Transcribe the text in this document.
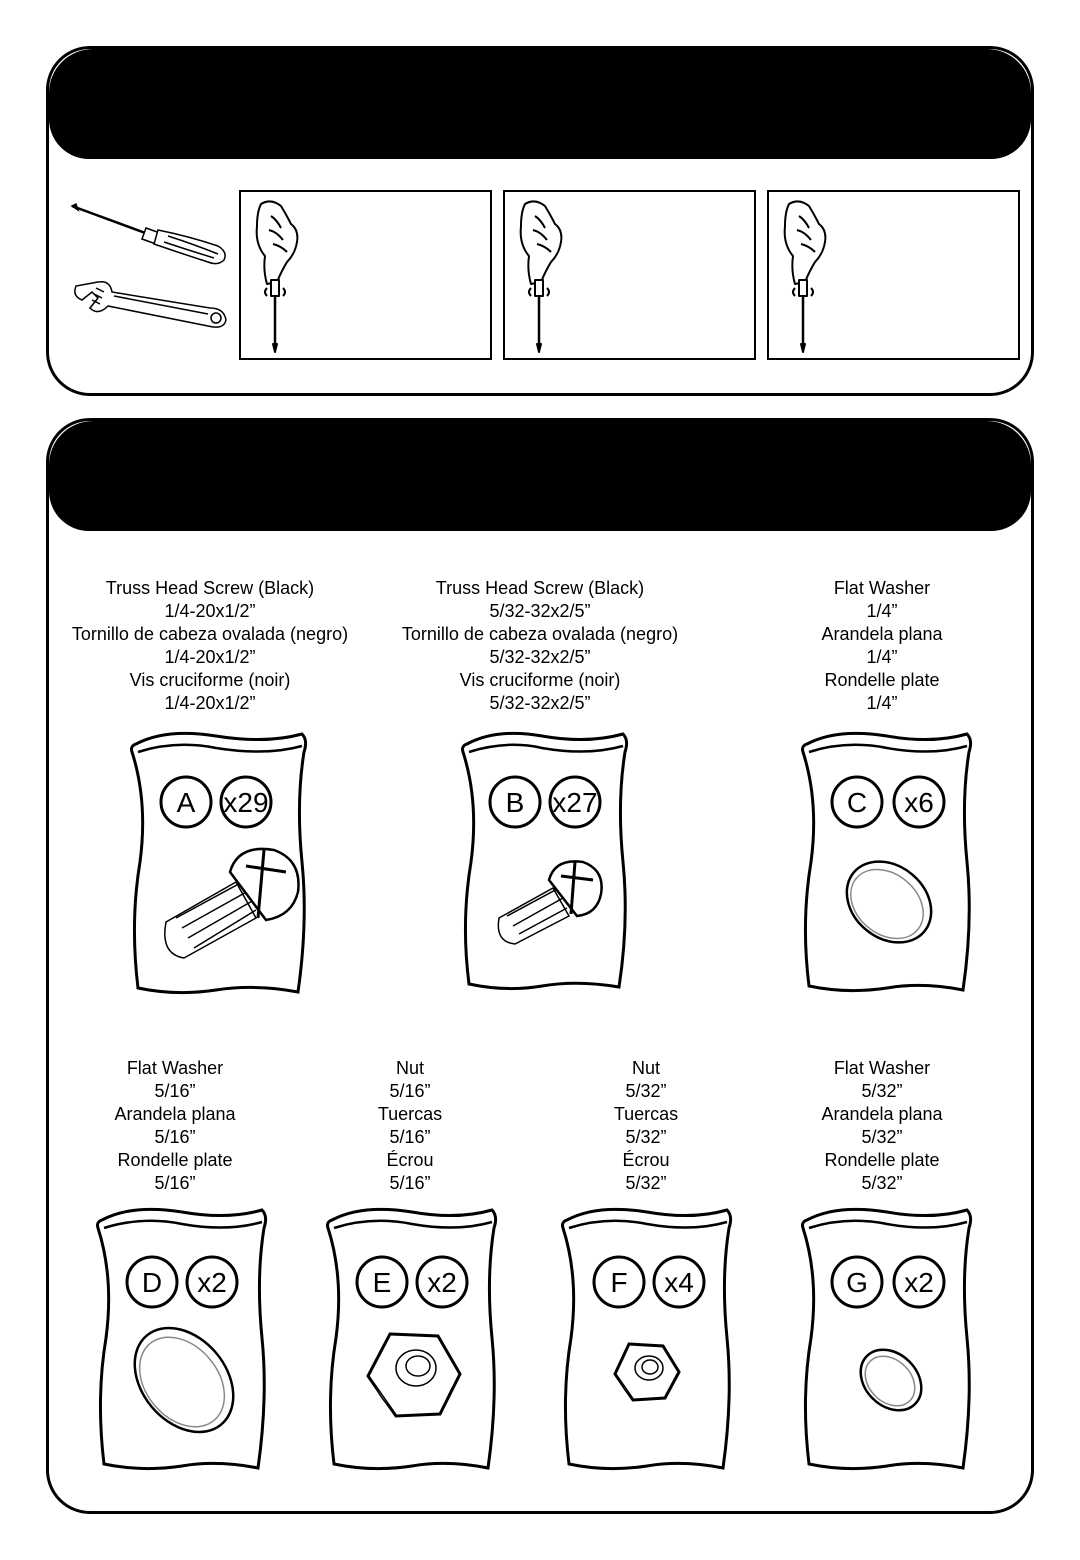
Truss Head Screw (Black)
1/4-20x1/2”
Tornillo de cabeza ovalada (negro)
1/4-20x1/2”
Vis cruciforme (noir)
1/4-20x1/2”
Truss Head Screw (Black)
5/32-32x2/5”
Tornillo de cabeza ovalada (negro)
5/32-32x2/5”
Vis cruciforme (noir)
5/32-32x2/5”
Flat Washer
1/4”
Arandela plana
1/4”
Rondelle plate
1/4”
Flat Washer
5/16”
Arandela plana
5/16”
Rondelle plate
5/16”
Nut
5/16”
Tuercas
5/16”
Écrou
5/16”
Nut
5/32”
Tuercas
5/32”
Écrou
5/32”
Flat Washer
5/32”
Arandela plana
5/32”
Rondelle plate
5/32”
A x29	B x27	C x6
D x2	E x2	F x4	G x2
